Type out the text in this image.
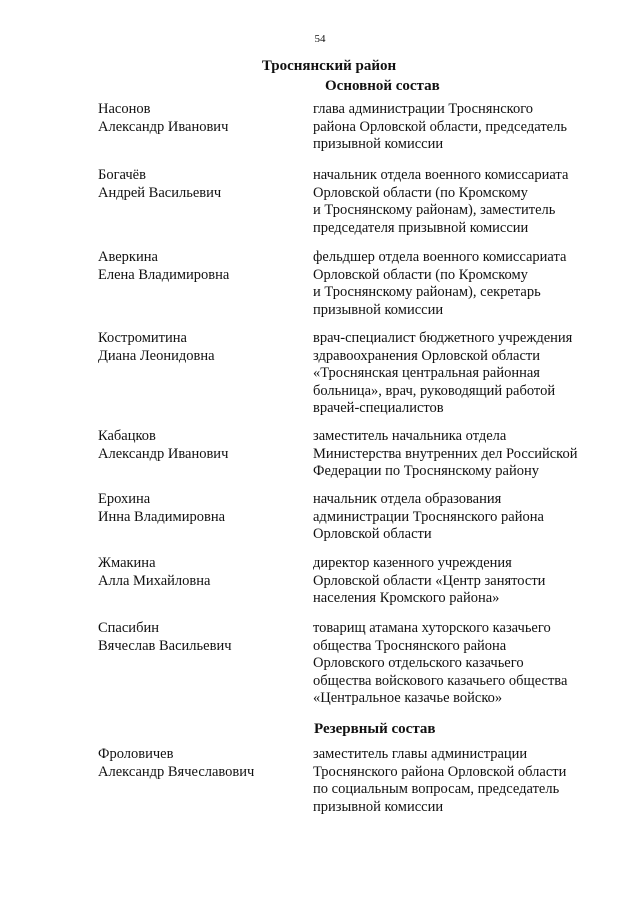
54
Троснянский район
Основной состав
Насонов
Александр Иванович
глава администрации Троснянского
района Орловской области, председатель
призывной комиссии
Богачёв
Андрей Васильевич
начальник отдела военного комиссариата
Орловской области (по Кромскому
и Троснянскому районам), заместитель
председателя призывной комиссии
Аверкина
Елена Владимировна
фельдшер отдела военного комиссариата
Орловской области (по Кромскому
и Троснянскому районам), секретарь
призывной комиссии
Костромитина
Диана Леонидовна
врач-специалист бюджетного учреждения
здравоохранения Орловской области
«Троснянская центральная районная
больница», врач, руководящий работой
врачей-специалистов
Кабацков
Александр Иванович
заместитель начальника отдела
Министерства внутренних дел Российской
Федерации по Троснянскому району
Ерохина
Инна Владимировна
начальник отдела образования
администрации Троснянского района
Орловской области
Жмакина
Алла Михайловна
директор казенного учреждения
Орловской области «Центр занятости
населения Кромского района»
Спасибин
Вячеслав Васильевич
товарищ атамана хуторского казачьего
общества Троснянского района
Орловского отдельского казачьего
общества войскового казачьего общества
«Центральное казачье войско»
Резервный состав
Фроловичев
Александр Вячеславович
заместитель главы администрации
Троснянского района Орловской области
по социальным вопросам, председатель
призывной комиссии
